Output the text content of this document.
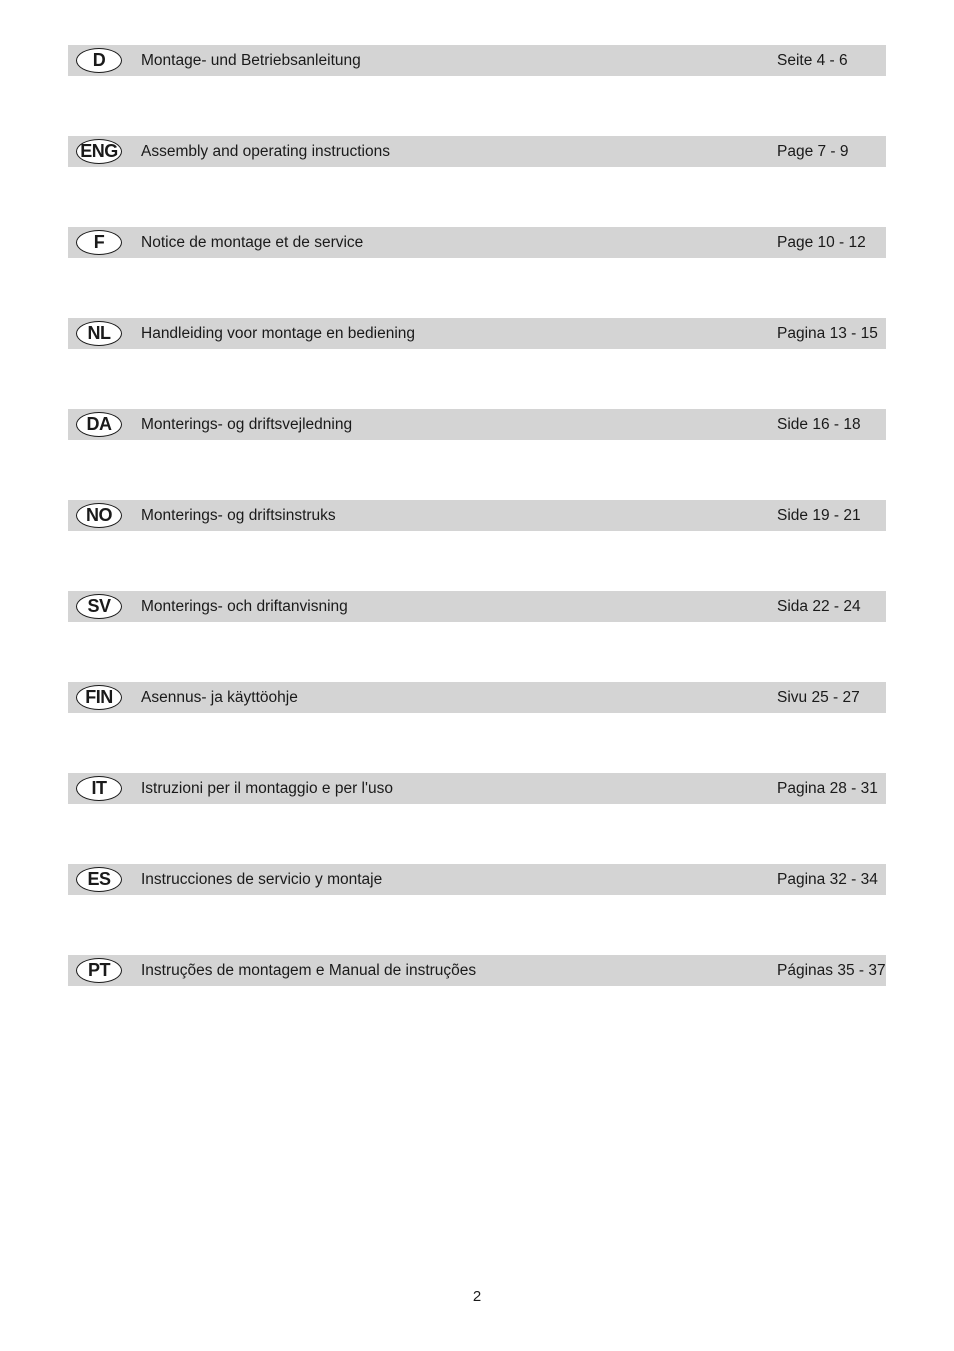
D	Montage- und Betriebsanleitung	Seite 4 - 6
ENG Assembly and operating instructions	Page 7 - 9
F	Notice de montage et de service	Page 10 - 12
NL	Handleiding voor montage en bediening	Pagina 13 - 15
DA	Monterings- og driftsvejledning	Side 16 - 18
NO	Monterings- og driftsinstruks	Side 19 - 21
SV	Monterings- och driftanvisning	Sida 22 - 24
FIN	Asennus- ja käyttöohje	Sivu 25 - 27
IT	Istruzioni per il montaggio e per l'uso	Pagina 28 - 31
ES	Instrucciones de servicio y montaje	Pagina 32 - 34
PT	Instruções de montagem e Manual de instruções	Páginas 35 - 37
2
